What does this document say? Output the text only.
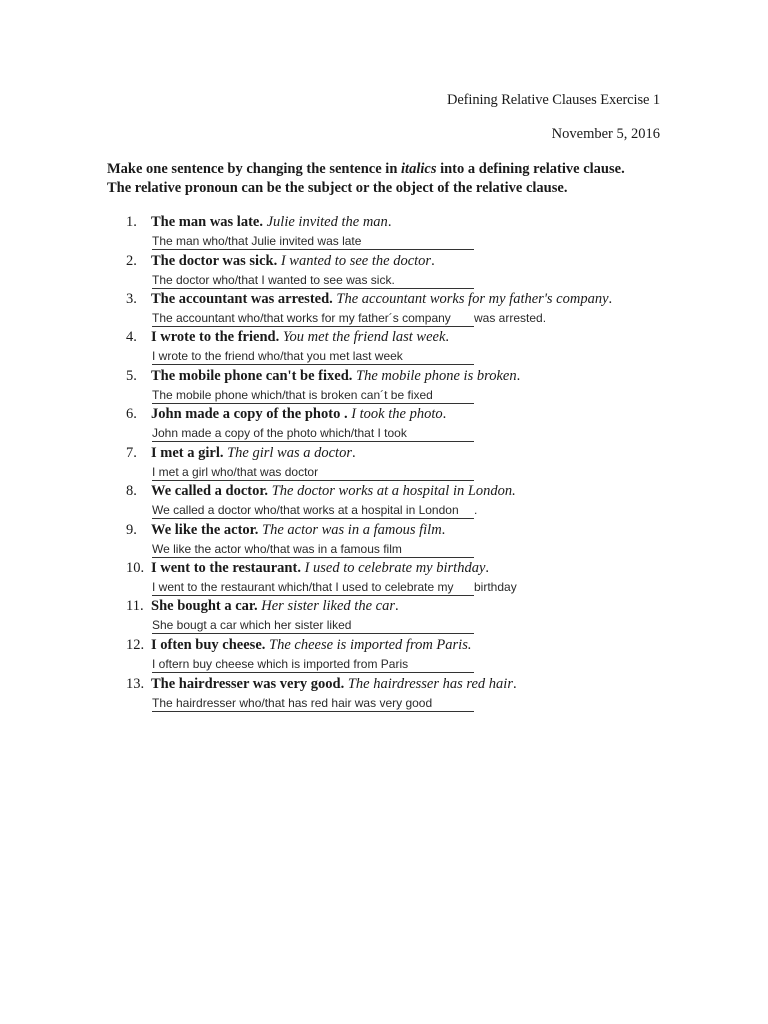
Defining Relative Clauses Exercise 1
November 5, 2016
Make one sentence by changing the sentence in italics into a defining relative clause.
The relative pronoun can be the subject or the object of the relative clause.
1. The man was late. Julie invited the man.
The man who/that Julie invited was late
2. The doctor was sick. I wanted to see the doctor.
The doctor who/that I wanted to see was sick.
3. The accountant was arrested. The accountant works for my father's company.
The accountant who/that works for my father´s companywas arrested.
4. I wrote to the friend. You met the friend last week.
I wrote to the friend who/that you met last week
5. The mobile phone can't be fixed. The mobile phone is broken.
The mobile phone which/that is broken can´t be fixed
6. John made a copy of the photo . I took the photo.
John made a copy of the photo which/that I took
7. I met a girl. The girl was a doctor.
I met a girl who/that was doctor
8. We called a doctor. The doctor works at a hospital in London.
We called a doctor who/that works at a hospital in London .
9. We like the actor. The actor was in a famous film.
We like the actor who/that was in a famous film
10. I went to the restaurant. I used to celebrate my birthday.
I went to the restaurant which/that I used to celebrate mybirthday
11. She bought a car. Her sister liked the car.
She bougt a car which her sister liked
12. I often buy cheese. The cheese is imported from Paris.
I oftern buy cheese which is imported from Paris
13. The hairdresser was very good. The hairdresser has red hair.
The hairdresser who/that has red hair was very good
